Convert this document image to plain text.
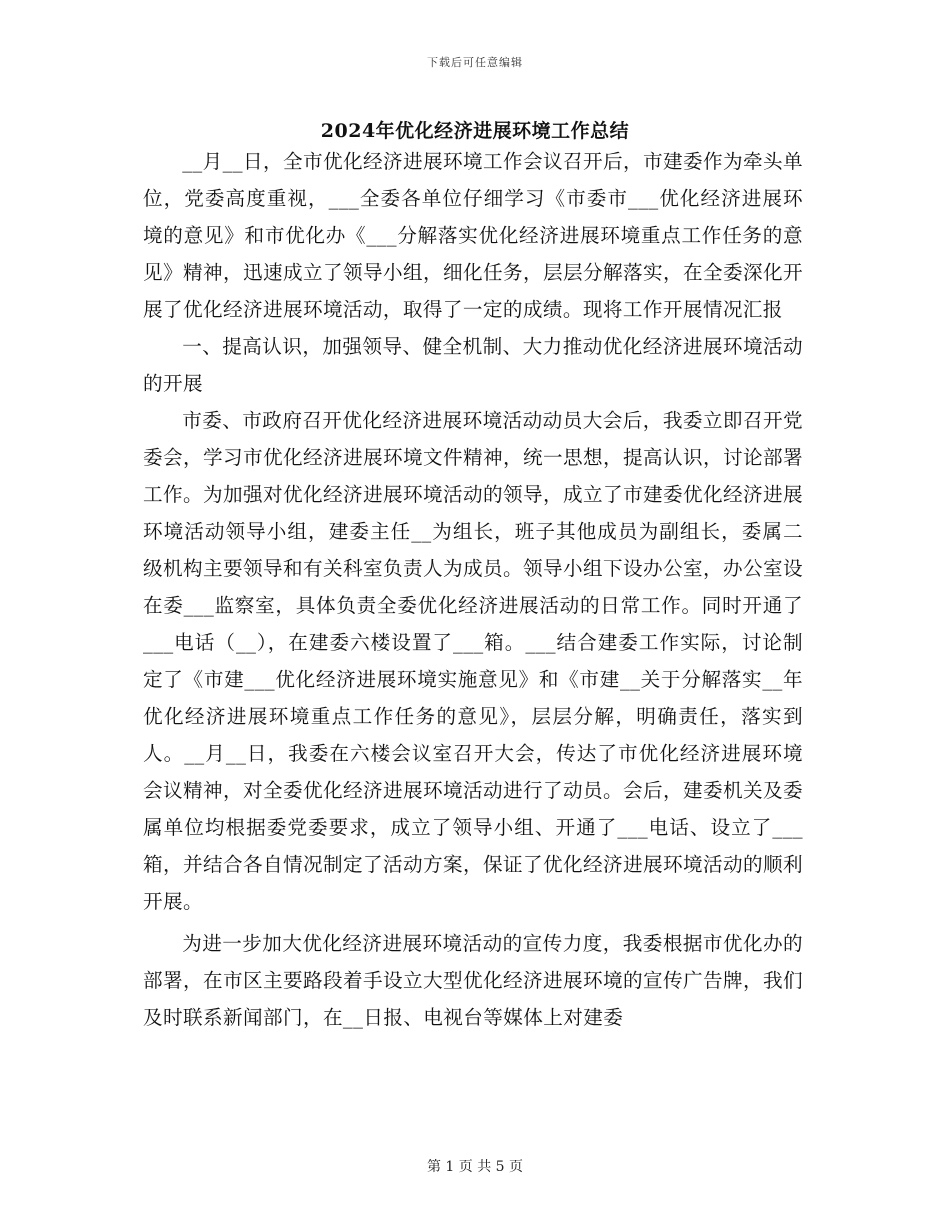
下载后可任意编辑
2024年优化经济进展环境工作总结

__月__日，全市优化经济进展环境工作会议召开后，市建委作为牵头单位，党委高度重视，___全委各单位仔细学习《市委市___优化经济进展环境的意见》和市优化办《___分解落实优化经济进展环境重点工作任务的意见》精神，迅速成立了领导小组，细化任务，层层分解落实，在全委深化开展了优化经济进展环境活动，取得了一定的成绩。现将工作开展情况汇报

一、提高认识，加强领导、健全机制、大力推动优化经济进展环境活动的开展

市委、市政府召开优化经济进展环境活动动员大会后，我委立即召开党委会，学习市优化经济进展环境文件精神，统一思想，提高认识，讨论部署工作。为加强对优化经济进展环境活动的领导，成立了市建委优化经济进展环境活动领导小组，建委主任__为组长，班子其他成员为副组长，委属二级机构主要领导和有关科室负责人为成员。领导小组下设办公室，办公室设在委___监察室，具体负责全委优化经济进展活动的日常工作。同时开通了___电话（__），在建委六楼设置了___箱。___结合建委工作实际，讨论制定了《市建___优化经济进展环境实施意见》和《市建__关于分解落实__年优化经济进展环境重点工作任务的意见》，层层分解，明确责任，落实到人。__月__日，我委在六楼会议室召开大会，传达了市优化经济进展环境会议精神，对全委优化经济进展环境活动进行了动员。会后，建委机关及委属单位均根据委党委要求，成立了领导小组、开通了___电话、设立了___箱，并结合各自情况制定了活动方案，保证了优化经济进展环境活动的顺利开展。

为进一步加大优化经济进展环境活动的宣传力度，我委根据市优化办的部署，在市区主要路段着手设立大型优化经济进展环境的宣传广告牌，我们及时联系新闻部门，在__日报、电视台等媒体上对建委

第 1 页 共 5 页
